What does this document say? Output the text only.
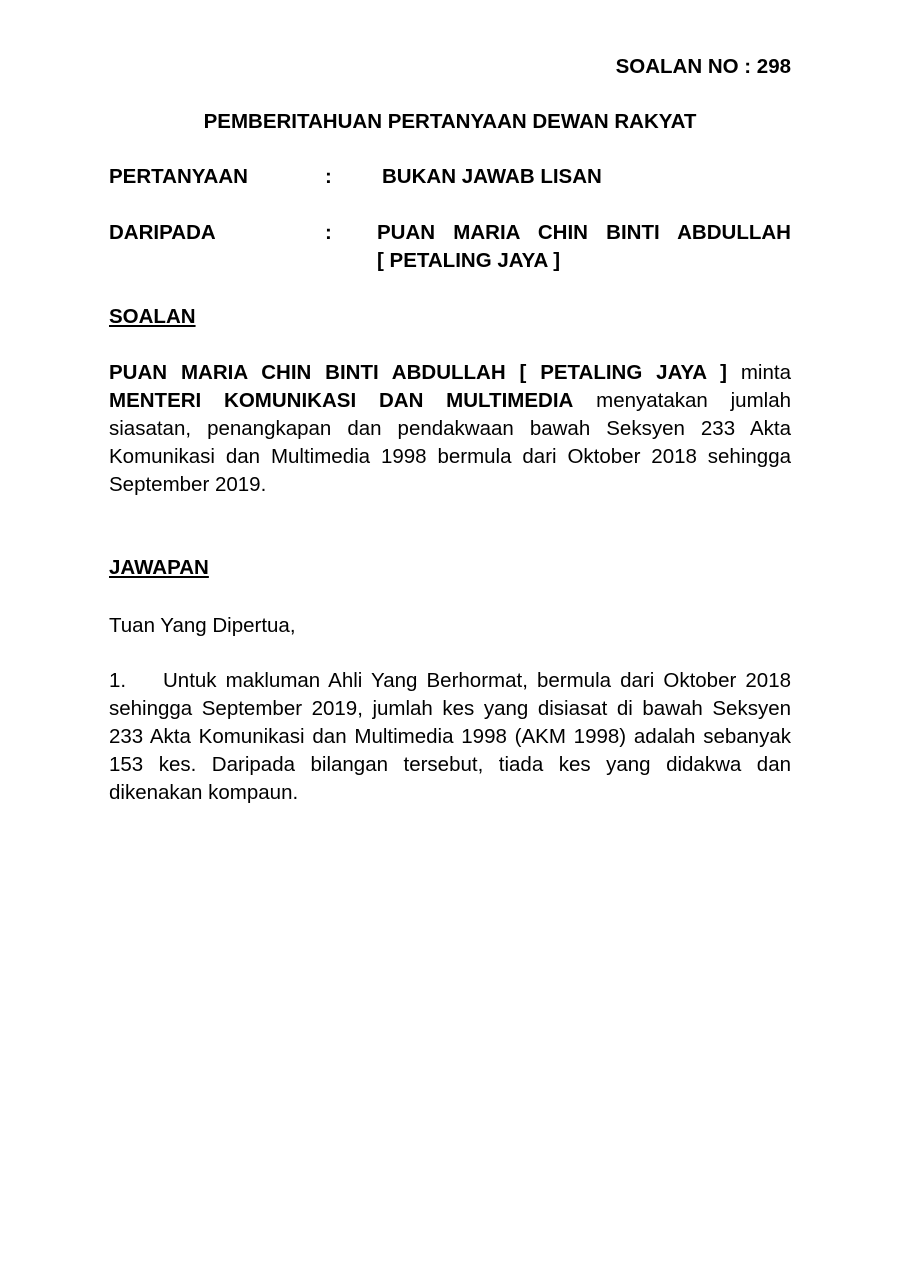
SOALAN NO : 298
PEMBERITAHUAN PERTANYAAN DEWAN RAKYAT
PERTANYAAN	: BUKAN JAWAB LISAN
DARIPADA	: PUAN MARIA CHIN BINTI ABDULLAH
[ PETALING JAYA ]
SOALAN
PUAN MARIA CHIN BINTI ABDULLAH [ PETALING JAYA ] minta MENTERI KOMUNIKASI DAN MULTIMEDIA menyatakan jumlah siasatan, penangkapan dan pendakwaan bawah Seksyen 233 Akta Komunikasi dan Multimedia 1998 bermula dari Oktober 2018 sehingga September 2019.
JAWAPAN
Tuan Yang Dipertua,
1. Untuk makluman Ahli Yang Berhormat, bermula dari Oktober 2018 sehingga September 2019, jumlah kes yang disiasat di bawah Seksyen 233 Akta Komunikasi dan Multimedia 1998 (AKM 1998) adalah sebanyak 153 kes. Daripada bilangan tersebut, tiada kes yang didakwa dan dikenakan kompaun.
